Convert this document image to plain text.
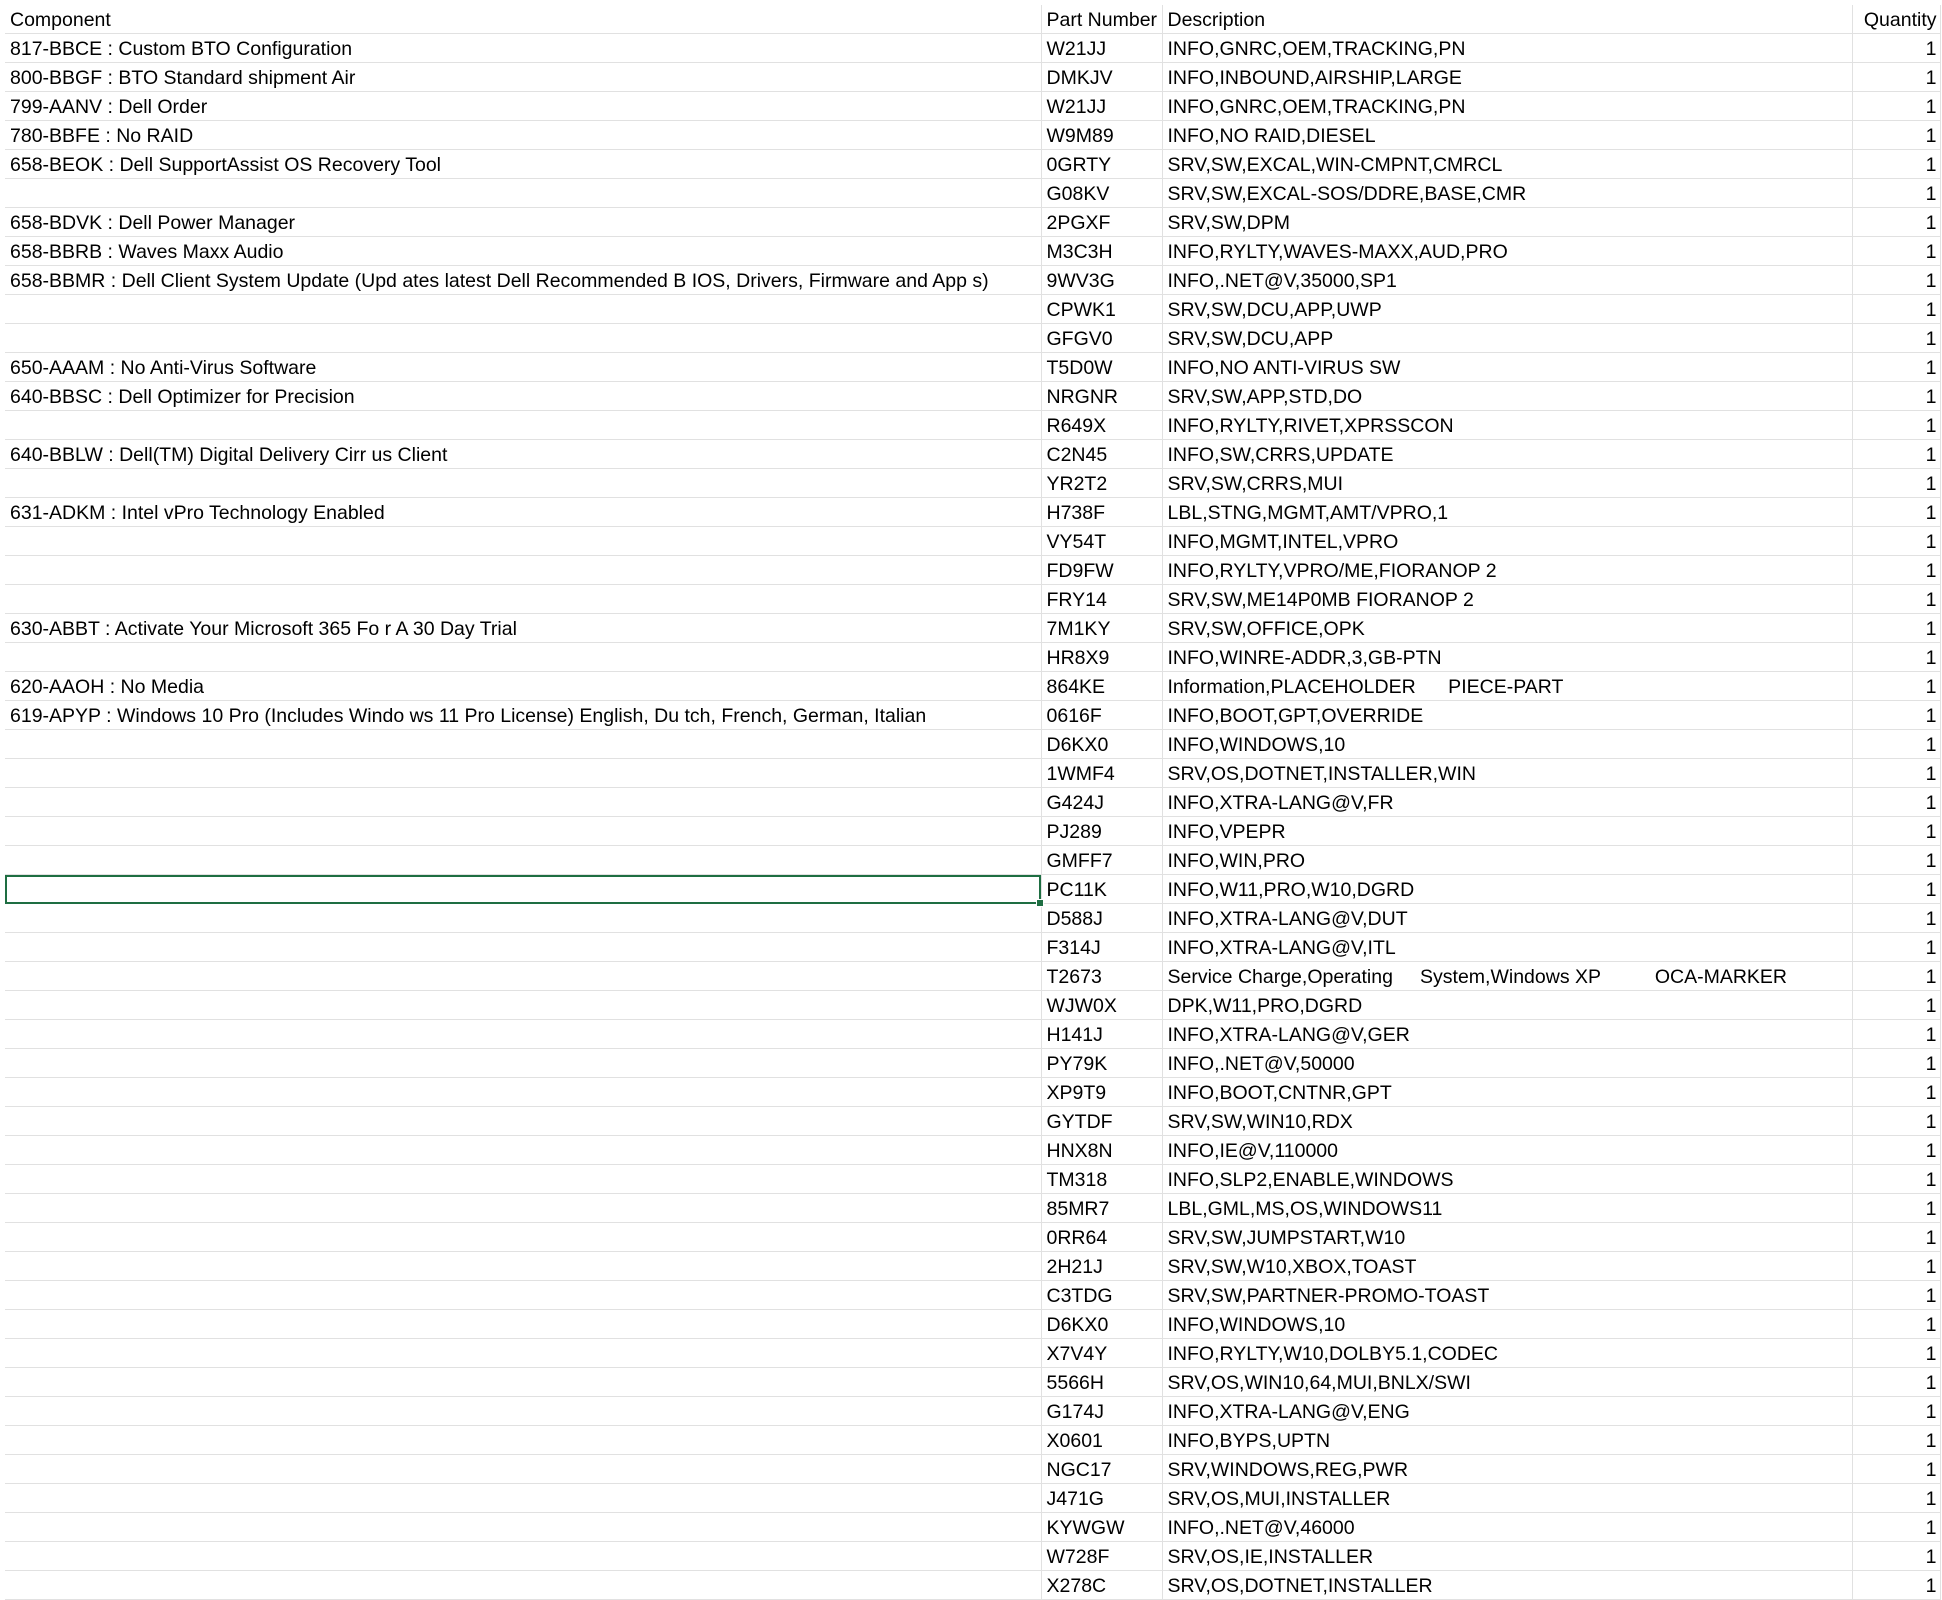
Component	Part Number	Description	Quantity
817-BBCE : Custom BTO Configuration	W21JJ	INFO,GNRC,OEM,TRACKING,PN	1
800-BBGF : BTO Standard shipment Air	DMKJV	INFO,INBOUND,AIRSHIP,LARGE	1
799-AANV : Dell Order	W21JJ	INFO,GNRC,OEM,TRACKING,PN	1
780-BBFE : No RAID	W9M89	INFO,NO RAID,DIESEL	1
658-BEOK : Dell SupportAssist OS Recovery Tool	0GRTY	SRV,SW,EXCAL,WIN-CMPNT,CMRCL	1
	G08KV	SRV,SW,EXCAL-SOS/DDRE,BASE,CMR	1
658-BDVK : Dell Power Manager	2PGXF	SRV,SW,DPM	1
658-BBRB : Waves Maxx Audio	M3C3H	INFO,RYLTY,WAVES-MAXX,AUD,PRO	1
658-BBMR : Dell Client System Update (Upd ates latest Dell Recommended B IOS, Drivers, Firmware and App s)	9WV3G	INFO,.NET@V,35000,SP1	1
	CPWK1	SRV,SW,DCU,APP,UWP	1
	GFGV0	SRV,SW,DCU,APP	1
650-AAAM : No Anti-Virus Software	T5D0W	INFO,NO ANTI-VIRUS SW	1
640-BBSC : Dell Optimizer for Precision	NRGNR	SRV,SW,APP,STD,DO	1
	R649X	INFO,RYLTY,RIVET,XPRSSCON	1
640-BBLW : Dell(TM) Digital Delivery Cirr us Client	C2N45	INFO,SW,CRRS,UPDATE	1
	YR2T2	SRV,SW,CRRS,MUI	1
631-ADKM : Intel vPro Technology Enabled	H738F	LBL,STNG,MGMT,AMT/VPRO,1	1
	VY54T	INFO,MGMT,INTEL,VPRO	1
	FD9FW	INFO,RYLTY,VPRO/ME,FIORANOP 2	1
	FRY14	SRV,SW,ME14P0MB FIORANOP 2	1
630-ABBT : Activate Your Microsoft 365 Fo r A 30 Day Trial	7M1KY	SRV,SW,OFFICE,OPK	1
	HR8X9	INFO,WINRE-ADDR,3,GB-PTN	1
620-AAOH : No Media	864KE	Information,PLACEHOLDER      PIECE-PART	1
619-APYP : Windows 10 Pro (Includes Windo ws 11 Pro License) English, Du tch, French, German, Italian	0616F	INFO,BOOT,GPT,OVERRIDE	1
	D6KX0	INFO,WINDOWS,10	1
	1WMF4	SRV,OS,DOTNET,INSTALLER,WIN	1
	G424J	INFO,XTRA-LANG@V,FR	1
	PJ289	INFO,VPEPR	1
	GMFF7	INFO,WIN,PRO	1
	PC11K	INFO,W11,PRO,W10,DGRD	1
	D588J	INFO,XTRA-LANG@V,DUT	1
	F314J	INFO,XTRA-LANG@V,ITL	1
	T2673	Service Charge,Operating     System,Windows XP          OCA-MARKER	1
	WJW0X	DPK,W11,PRO,DGRD	1
	H141J	INFO,XTRA-LANG@V,GER	1
	PY79K	INFO,.NET@V,50000	1
	XP9T9	INFO,BOOT,CNTNR,GPT	1
	GYTDF	SRV,SW,WIN10,RDX	1
	HNX8N	INFO,IE@V,110000	1
	TM318	INFO,SLP2,ENABLE,WINDOWS	1
	85MR7	LBL,GML,MS,OS,WINDOWS11	1
	0RR64	SRV,SW,JUMPSTART,W10	1
	2H21J	SRV,SW,W10,XBOX,TOAST	1
	C3TDG	SRV,SW,PARTNER-PROMO-TOAST	1
	D6KX0	INFO,WINDOWS,10	1
	X7V4Y	INFO,RYLTY,W10,DOLBY5.1,CODEC	1
	5566H	SRV,OS,WIN10,64,MUI,BNLX/SWI	1
	G174J	INFO,XTRA-LANG@V,ENG	1
	X0601	INFO,BYPS,UPTN	1
	NGC17	SRV,WINDOWS,REG,PWR	1
	J471G	SRV,OS,MUI,INSTALLER	1
	KYWGW	INFO,.NET@V,46000	1
	W728F	SRV,OS,IE,INSTALLER	1
	X278C	SRV,OS,DOTNET,INSTALLER	1
